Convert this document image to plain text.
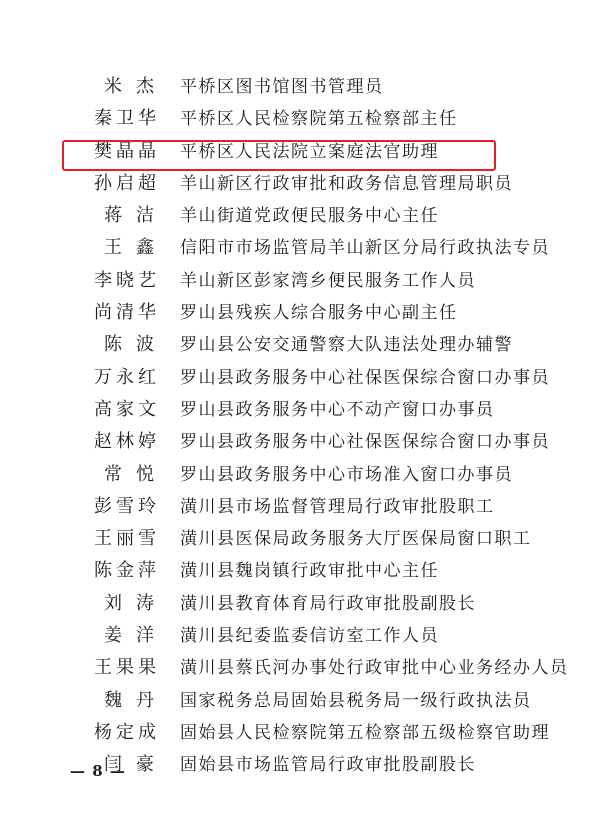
米 杰 平桥区图书馆图书管理员
秦卫华 平桥区人民检察院第五检察部主任
樊晶晶 平桥区人民法院立案庭法官助理
孙启超 羊山新区行政审批和政务信息管理局职员
蒋 洁 羊山街道党政便民服务中心主任
王 鑫 信阳市市场监管局羊山新区分局行政执法专员
李晓艺 羊山新区彭家湾乡便民服务工作人员
尚清华 罗山县残疾人综合服务中心副主任
陈 波 罗山县公安交通警察大队违法处理办辅警
万永红 罗山县政务服务中心社保医保综合窗口办事员
高家文 罗山县政务服务中心不动产窗口办事员
赵林婷 罗山县政务服务中心社保医保综合窗口办事员
常 悦 罗山县政务服务中心市场准入窗口办事员
彭雪玲 潢川县市场监督管理局行政审批股职工
王丽雪 潢川县医保局政务服务大厅医保局窗口职工
陈金萍 潢川县魏岗镇行政审批中心主任
刘 涛 潢川县教育体育局行政审批股副股长
姜 洋 潢川县纪委监委信访室工作人员
王果果 潢川县蔡氏河办事处行政审批中心业务经办人员
魏 丹 国家税务总局固始县税务局一级行政执法员
杨定成 固始县人民检察院第五检察部五级检察官助理
闫 豪 固始县市场监管局行政审批股副股长
— 8 —
